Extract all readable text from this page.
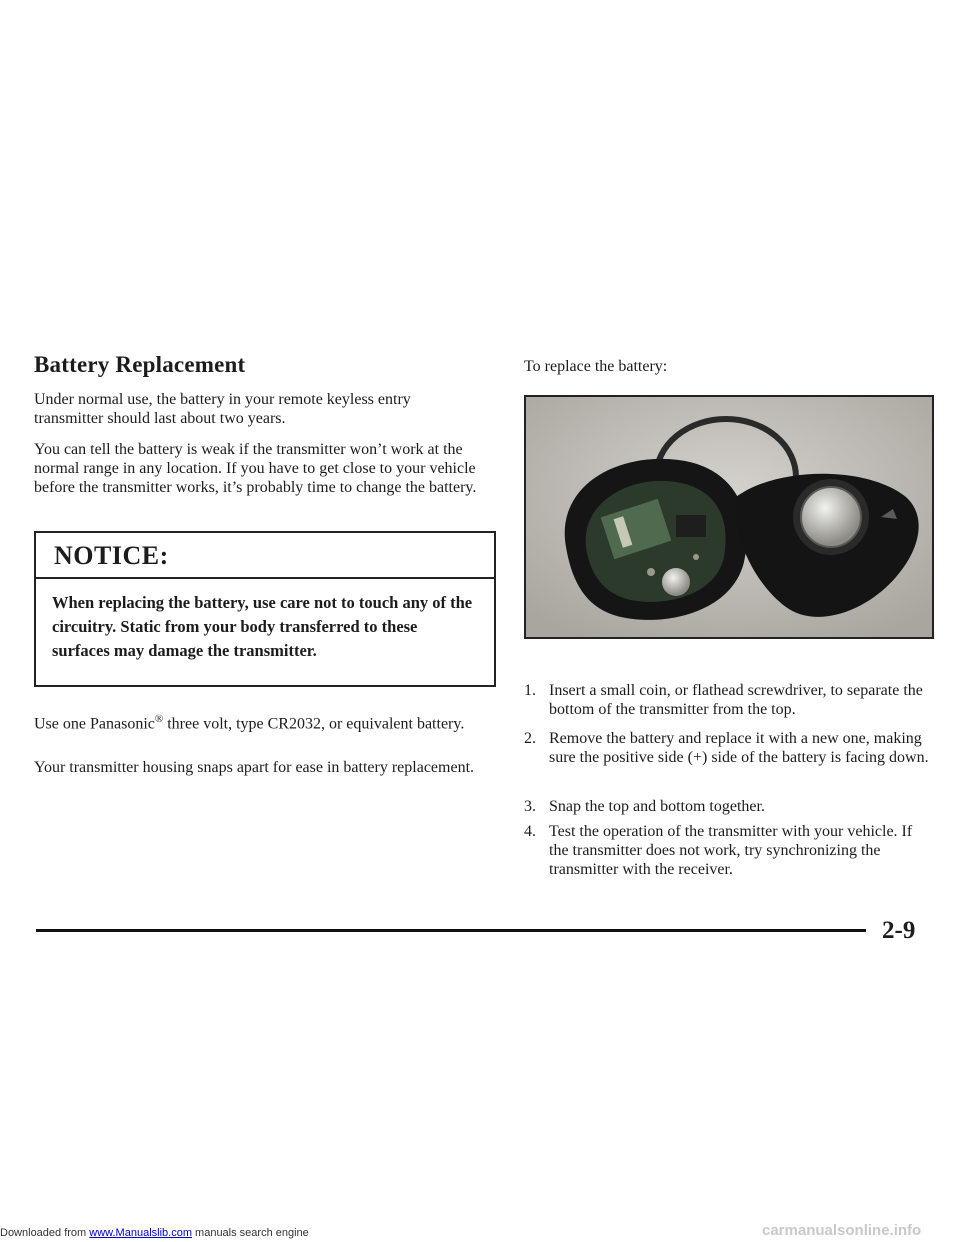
Battery Replacement

Under normal use, the battery in your remote keyless entry transmitter should last about two years.

You can tell the battery is weak if the transmitter won’t work at the normal range in any location. If you have to get close to your vehicle before the transmitter works, it’s probably time to change the battery.

NOTICE:
When replacing the battery, use care not to touch any of the circuitry. Static from your body transferred to these surfaces may damage the transmitter.

Use one Panasonic® three volt, type CR2032, or equivalent battery.

Your transmitter housing snaps apart for ease in battery replacement.

To replace the battery:

1. Insert a small coin, or flathead screwdriver, to separate the bottom of the transmitter from the top.
2. Remove the battery and replace it with a new one, making sure the positive side (+) side of the battery is facing down.
3. Snap the top and bottom together.
4. Test the operation of the transmitter with your vehicle. If the transmitter does not work, try synchronizing the transmitter with the receiver.
2-9
Downloaded from www.Manualslib.com manuals search engine	carmanualsonline.info
